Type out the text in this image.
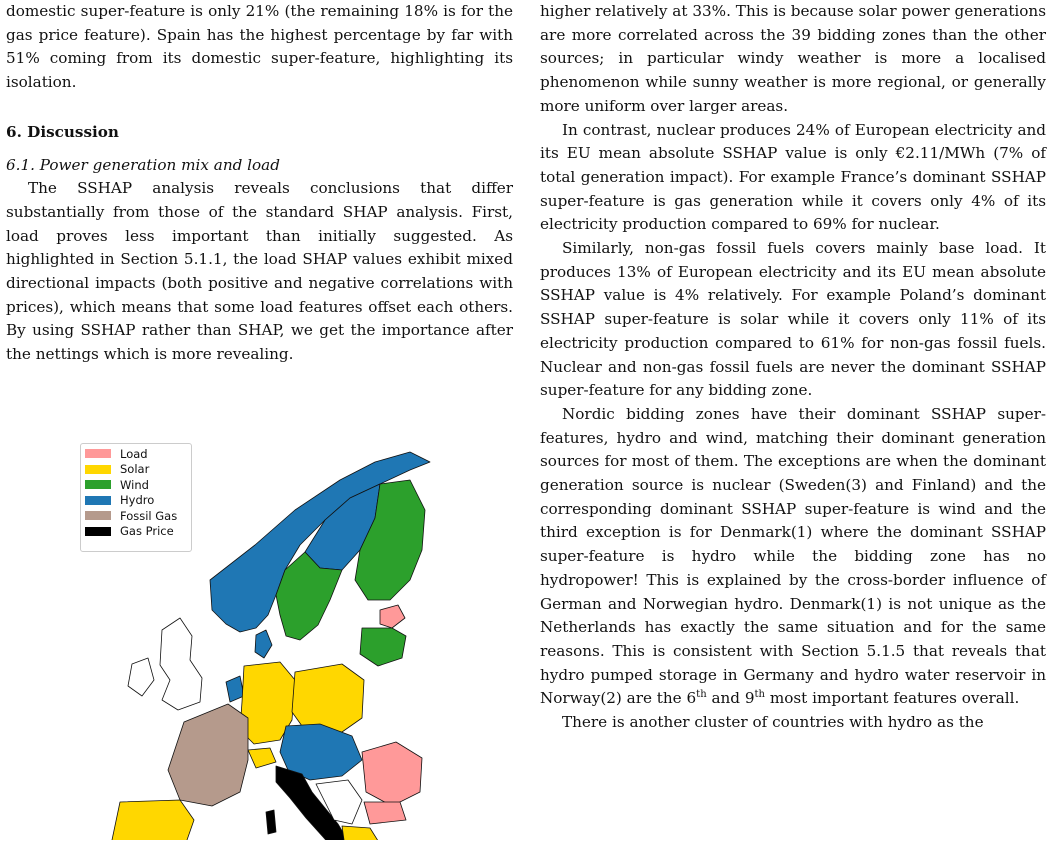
domestic super-feature is only 21% (the remaining 18% is for the gas price feature). Spain has the highest percentage by far with 51% coming from its domestic super-feature, highlighting its isolation.

6. Discussion

6.1. Power generation mix and load

The SSHAP analysis reveals conclusions that differ substantially from those of the standard SHAP analysis. First, load proves less important than initially suggested. As highlighted in Section 5.1.1, the load SHAP values exhibit mixed directional impacts (both positive and negative correlations with prices), which means that some load features offset each others. By using SSHAP rather than SHAP, we get the importance after the nettings which is more revealing.

Load
Solar
Wind
Hydro
Fossil Gas
Gas Price

higher relatively at 33%. This is because solar power generations are more correlated across the 39 bidding zones than the other sources; in particular windy weather is more a localised phenomenon while sunny weather is more regional, or generally more uniform over larger areas.

In contrast, nuclear produces 24% of European electricity and its EU mean absolute SSHAP value is only €2.11/MWh (7% of total generation impact). For example France’s dominant SSHAP super-feature is gas generation while it covers only 4% of its electricity production compared to 69% for nuclear.

Similarly, non-gas fossil fuels covers mainly base load. It produces 13% of European electricity and its EU mean absolute SSHAP value is 4% relatively. For example Poland’s dominant SSHAP super-feature is solar while it covers only 11% of its electricity production compared to 61% for non-gas fossil fuels. Nuclear and non-gas fossil fuels are never the dominant SSHAP super-feature for any bidding zone.

Nordic bidding zones have their dominant SSHAP super-features, hydro and wind, matching their dominant generation sources for most of them. The exceptions are when the dominant generation source is nuclear (Sweden(3) and Finland) and the corresponding dominant SSHAP super-feature is wind and the third exception is for Denmark(1) where the dominant SSHAP super-feature is hydro while the bidding zone has no hydropower! This is explained by the cross-border influence of German and Norwegian hydro. Denmark(1) is not unique as the Netherlands has exactly the same situation and for the same reasons. This is consistent with Section 5.1.5 that reveals that hydro pumped storage in Germany and hydro water reservoir in Norway(2) are the 6th and 9th most important features overall.

There is another cluster of countries with hydro as the
